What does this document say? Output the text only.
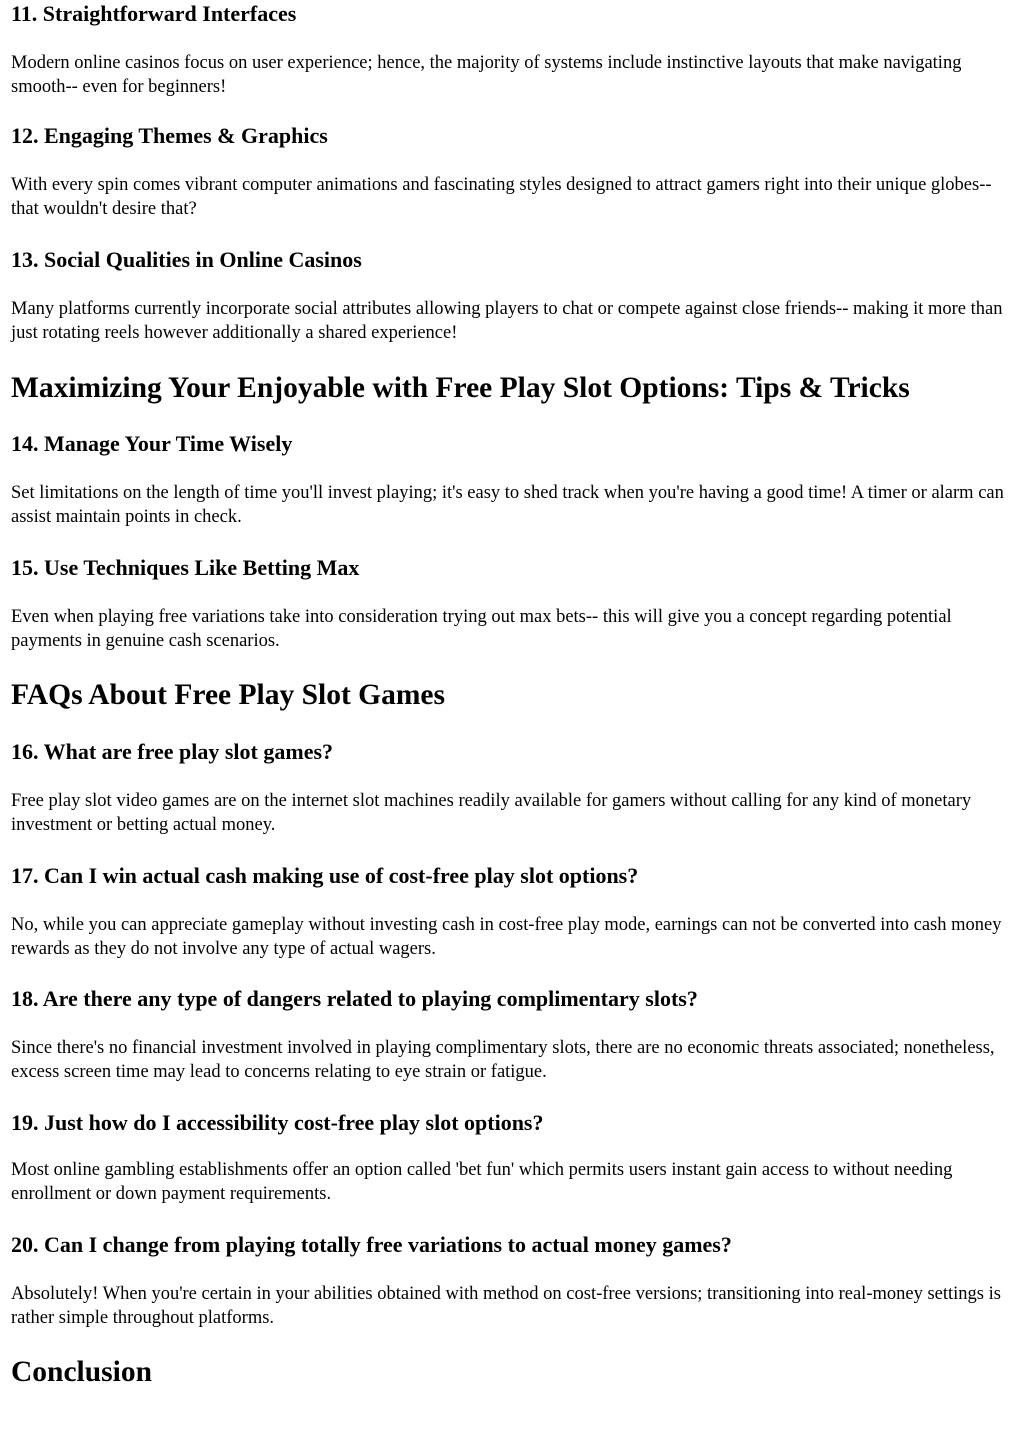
11. Straightforward Interfaces

Modern online casinos focus on user experience; hence, the majority of systems include instinctive layouts that make navigating smooth-- even for beginners!

12. Engaging Themes & Graphics

With every spin comes vibrant computer animations and fascinating styles designed to attract gamers right into their unique globes-- that wouldn't desire that?

13. Social Qualities in Online Casinos

Many platforms currently incorporate social attributes allowing players to chat or compete against close friends-- making it more than just rotating reels however additionally a shared experience!

Maximizing Your Enjoyable with Free Play Slot Options: Tips & Tricks
14. Manage Your Time Wisely

Set limitations on the length of time you'll invest playing; it's easy to shed track when you're having a good time! A timer or alarm can assist maintain points in check.

15. Use Techniques Like Betting Max

Even when playing free variations take into consideration trying out max bets-- this will give you a concept regarding potential payments in genuine cash scenarios.

FAQs About Free Play Slot Games
16. What are free play slot games?

Free play slot video games are on the internet slot machines readily available for gamers without calling for any kind of monetary investment or betting actual money.

17. Can I win actual cash making use of cost-free play slot options?

No, while you can appreciate gameplay without investing cash in cost-free play mode, earnings can not be converted into cash money rewards as they do not involve any type of actual wagers.

18. Are there any type of dangers related to playing complimentary slots?

Since there's no financial investment involved in playing complimentary slots, there are no economic threats associated; nonetheless, excess screen time may lead to concerns relating to eye strain or fatigue.

19. Just how do I accessibility cost-free play slot options?

Most online gambling establishments offer an option called 'bet fun' which permits users instant gain access to without needing enrollment or down payment requirements.

20. Can I change from playing totally free variations to actual money games?

Absolutely! When you're certain in your abilities obtained with method on cost-free versions; transitioning into real-money settings is rather simple throughout platforms.

Conclusion
